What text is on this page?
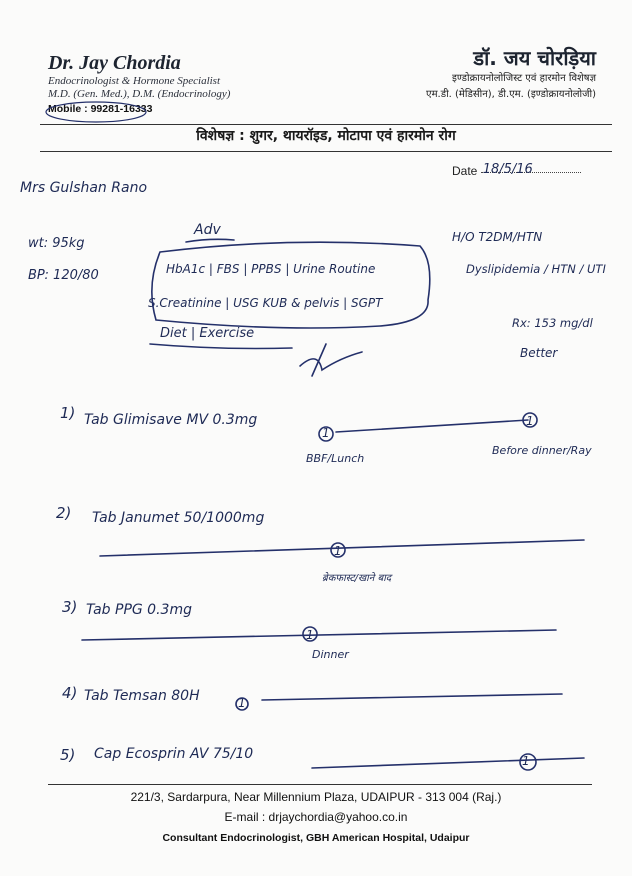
Dr. Jay Chordia
Endocrinologist & Hormone Specialist
M.D. (Gen. Med.), D.M. (Endocrinology)
Mobile : 99281-16333
डॉ. जय चोरड़िया
इण्डोक्रायनोलोजिस्ट एवं हारमोन विशेषज्ञ
एम.डी. (मेडिसीन), डी.एम. (इण्डोक्रायनोलोजी)
विशेषज्ञ : शुगर, थायरॉइड, मोटापा एवं हारमोन रोग
Date 18/5/16
Mrs Gulshan Rano
wt: 95kg
BP: 120/80
Adv
HbA1c | FBS | PPBS | Urine Routine
S.Creatinine | USG KUB & pelvis | SGPT
Diet | Exercise
H/O T2DM/HTN
Dyslipidemia / HTN / UTI
Rx: 153 mg/dl
Better
1) Tab Glimisave MV 0.3mg
1
1
BBF/Lunch
Before dinner/Ray
2) Tab Janumet 50/1000mg
1
ब्रेकफास्ट/खाने बाद
3) Tab PPG 0.3mg
1
Dinner
4) Tab Temsan 80H	1
5) Cap Ecosprin AV 75/10	1
221/3, Sardarpura, Near Millennium Plaza, UDAIPUR - 313 004 (Raj.)
E-mail : drjaychordia@yahoo.co.in
Consultant Endocrinologist, GBH American Hospital, Udaipur
